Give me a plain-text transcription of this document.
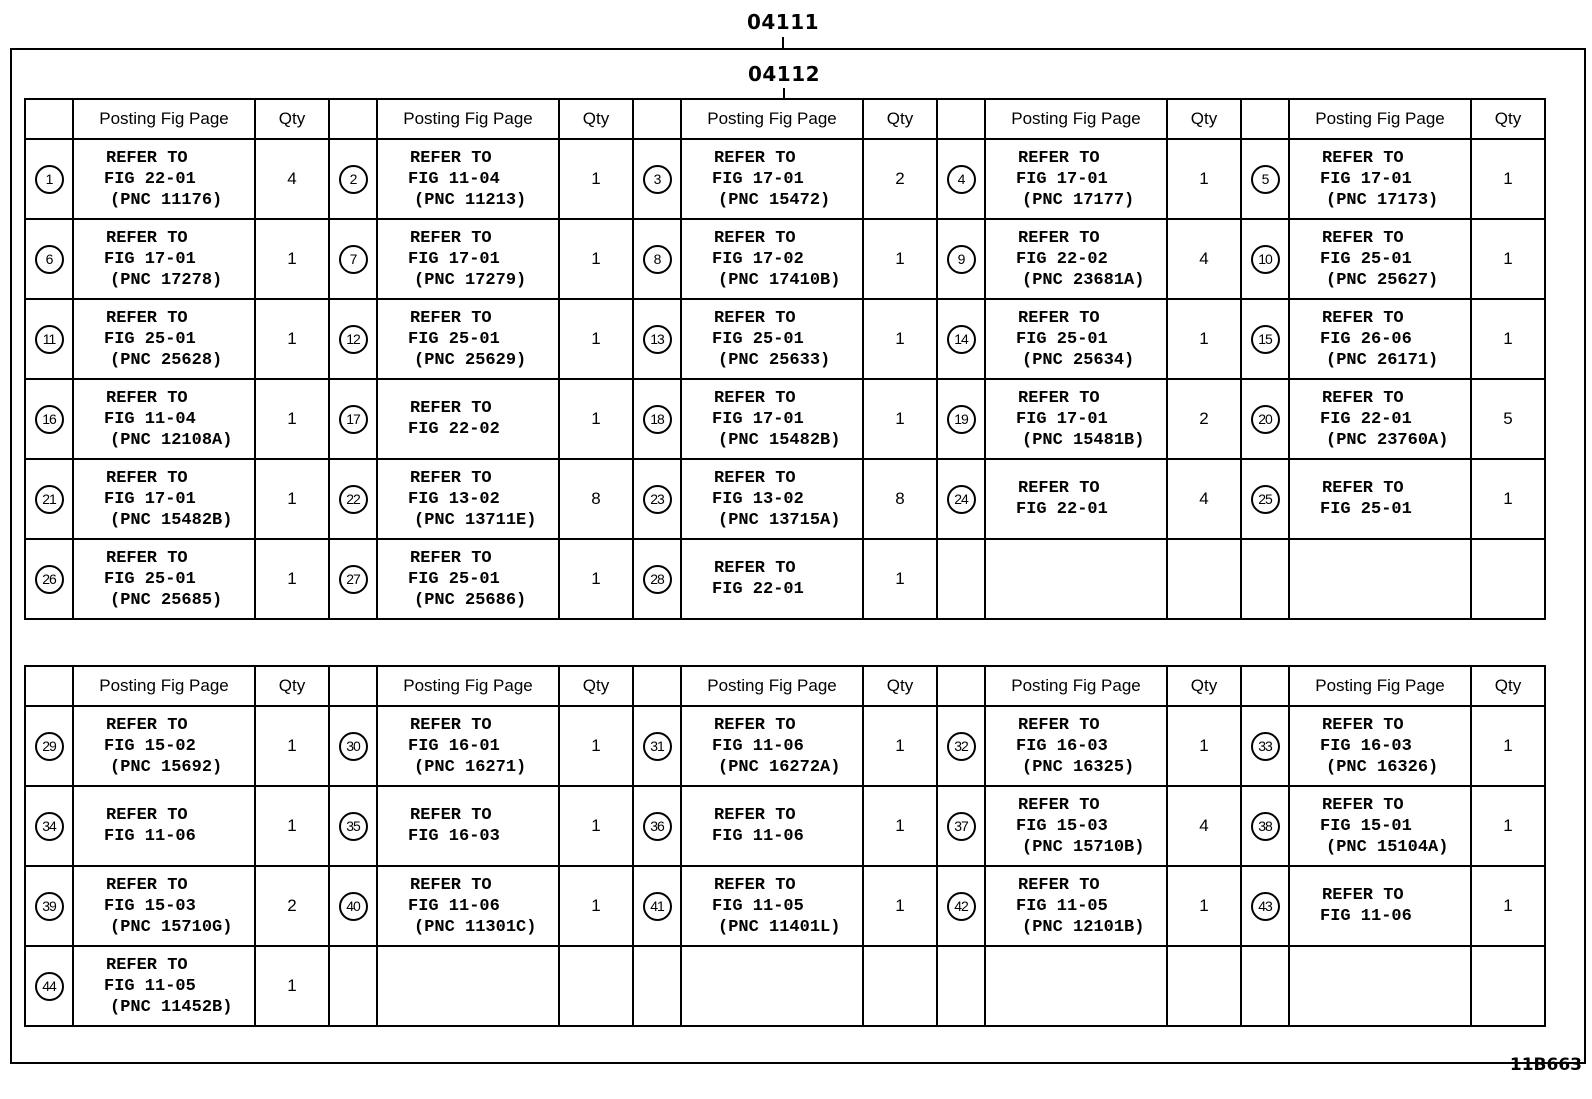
04111
04112
	Posting Fig Page	Qty		Posting Fig Page	Qty		Posting Fig Page	Qty		Posting Fig Page	Qty		Posting Fig Page	Qty
1	REFER TO
FIG 22-01
(PNC 11176)	4	2	REFER TO
FIG 11-04
(PNC 11213)	1	3	REFER TO
FIG 17-01
(PNC 15472)	2	4	REFER TO
FIG 17-01
(PNC 17177)	1	5	REFER TO
FIG 17-01
(PNC 17173)	1
6	REFER TO
FIG 17-01
(PNC 17278)	1	7	REFER TO
FIG 17-01
(PNC 17279)	1	8	REFER TO
FIG 17-02
(PNC 17410B)	1	9	REFER TO
FIG 22-02
(PNC 23681A)	4	10	REFER TO
FIG 25-01
(PNC 25627)	1
11	REFER TO
FIG 25-01
(PNC 25628)	1	12	REFER TO
FIG 25-01
(PNC 25629)	1	13	REFER TO
FIG 25-01
(PNC 25633)	1	14	REFER TO
FIG 25-01
(PNC 25634)	1	15	REFER TO
FIG 26-06
(PNC 26171)	1
16	REFER TO
FIG 11-04
(PNC 12108A)	1	17	REFER TO
FIG 22-02	1	18	REFER TO
FIG 17-01
(PNC 15482B)	1	19	REFER TO
FIG 17-01
(PNC 15481B)	2	20	REFER TO
FIG 22-01
(PNC 23760A)	5
21	REFER TO
FIG 17-01
(PNC 15482B)	1	22	REFER TO
FIG 13-02
(PNC 13711E)	8	23	REFER TO
FIG 13-02
(PNC 13715A)	8	24	REFER TO
FIG 22-01	4	25	REFER TO
FIG 25-01	1
26	REFER TO
FIG 25-01
(PNC 25685)	1	27	REFER TO
FIG 25-01
(PNC 25686)	1	28	REFER TO
FIG 22-01	1						
	Posting Fig Page	Qty		Posting Fig Page	Qty		Posting Fig Page	Qty		Posting Fig Page	Qty		Posting Fig Page	Qty
29	REFER TO
FIG 15-02
(PNC 15692)	1	30	REFER TO
FIG 16-01
(PNC 16271)	1	31	REFER TO
FIG 11-06
(PNC 16272A)	1	32	REFER TO
FIG 16-03
(PNC 16325)	1	33	REFER TO
FIG 16-03
(PNC 16326)	1
34	REFER TO
FIG 11-06	1	35	REFER TO
FIG 16-03	1	36	REFER TO
FIG 11-06	1	37	REFER TO
FIG 15-03
(PNC 15710B)	4	38	REFER TO
FIG 15-01
(PNC 15104A)	1
39	REFER TO
FIG 15-03
(PNC 15710G)	2	40	REFER TO
FIG 11-06
(PNC 11301C)	1	41	REFER TO
FIG 11-05
(PNC 11401L)	1	42	REFER TO
FIG 11-05
(PNC 12101B)	1	43	REFER TO
FIG 11-06	1
44	REFER TO
FIG 11-05
(PNC 11452B)	1												
11B663
